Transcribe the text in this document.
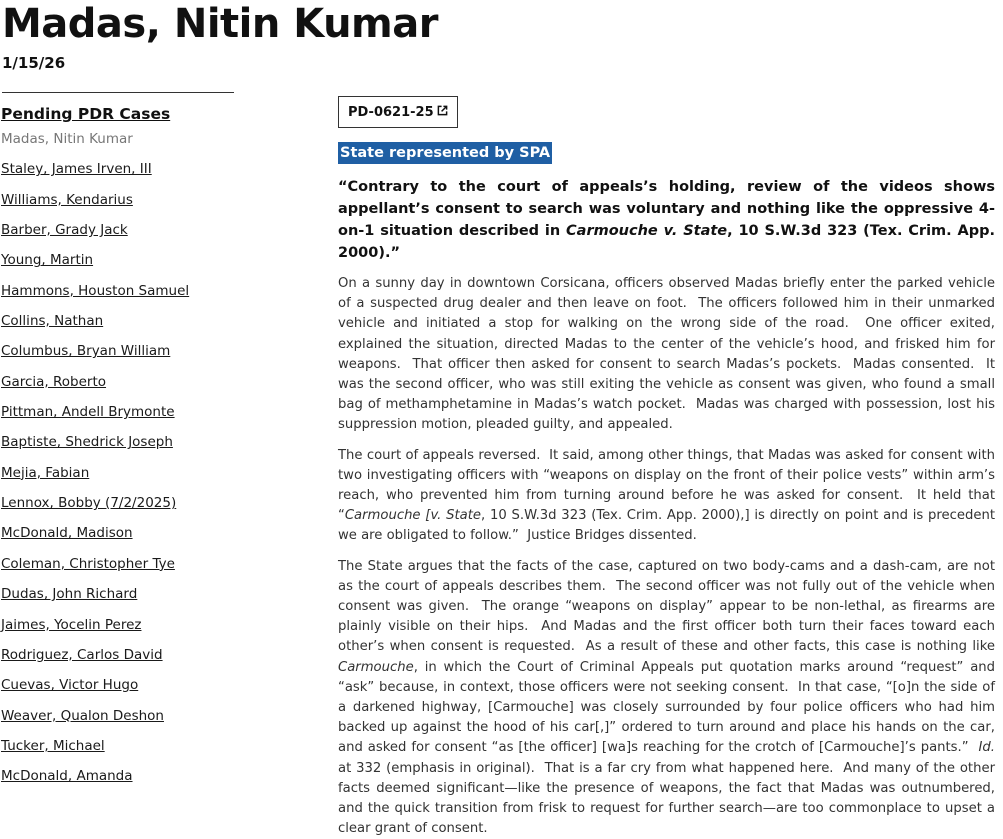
Madas, Nitin Kumar
1/15/26
Pending PDR Cases
Madas, Nitin Kumar
Staley, James Irven, III
Williams, Kendarius
Barber, Grady Jack
Young, Martin
Hammons, Houston Samuel
Collins, Nathan
Columbus, Bryan William
Garcia, Roberto
Pittman, Andell Brymonte
Baptiste, Shedrick Joseph
Mejia, Fabian
Lennox, Bobby (7/2/2025)
McDonald, Madison
Coleman, Christopher Tye
Dudas, John Richard
Jaimes, Yocelin Perez
Rodriguez, Carlos David
Cuevas, Victor Hugo
Weaver, Qualon Deshon
Tucker, Michael
McDonald, Amanda
PD-0621-25
State represented by SPA

“Contrary to the court of appeals’s holding, review of the videos shows appellant’s consent to search was voluntary and nothing like the oppressive 4-on-1 situation described in Carmouche v. State, 10 S.W.3d 323 (Tex. Crim. App. 2000).”

On a sunny day in downtown Corsicana, officers observed Madas briefly enter the parked vehicle of a suspected drug dealer and then leave on foot.  The officers followed him in their unmarked vehicle and initiated a stop for walking on the wrong side of the road.  One officer exited, explained the situation, directed Madas to the center of the vehicle’s hood, and frisked him for weapons.  That officer then asked for consent to search Madas’s pockets.  Madas consented.  It was the second officer, who was still exiting the vehicle as consent was given, who found a small bag of methamphetamine in Madas’s watch pocket.  Madas was charged with possession, lost his suppression motion, pleaded guilty, and appealed.

The court of appeals reversed.  It said, among other things, that Madas was asked for consent with two investigating officers with “weapons on display on the front of their police vests” within arm’s reach, who prevented him from turning around before he was asked for consent.  It held that “Carmouche [v. State, 10 S.W.3d 323 (Tex. Crim. App. 2000),] is directly on point and is precedent we are obligated to follow.”  Justice Bridges dissented.

The State argues that the facts of the case, captured on two body-cams and a dash-cam, are not as the court of appeals describes them.  The second officer was not fully out of the vehicle when consent was given.  The orange “weapons on display” appear to be non-lethal, as firearms are plainly visible on their hips.  And Madas and the first officer both turn their faces toward each other’s when consent is requested.  As a result of these and other facts, this case is nothing like Carmouche, in which the Court of Criminal Appeals put quotation marks around “request” and “ask” because, in context, those officers were not seeking consent.  In that case, “[o]n the side of a darkened highway, [Carmouche] was closely surrounded by four police officers who had him backed up against the hood of his car[,]” ordered to turn around and place his hands on the car, and asked for consent “as [the officer] [wa]s reaching for the crotch of [Carmouche]’s pants.”  Id. at 332 (emphasis in original).  That is a far cry from what happened here.  And many of the other facts deemed significant—like the presence of weapons, the fact that Madas was outnumbered, and the quick transition from frisk to request for further search—are too commonplace to upset a clear grant of consent.
